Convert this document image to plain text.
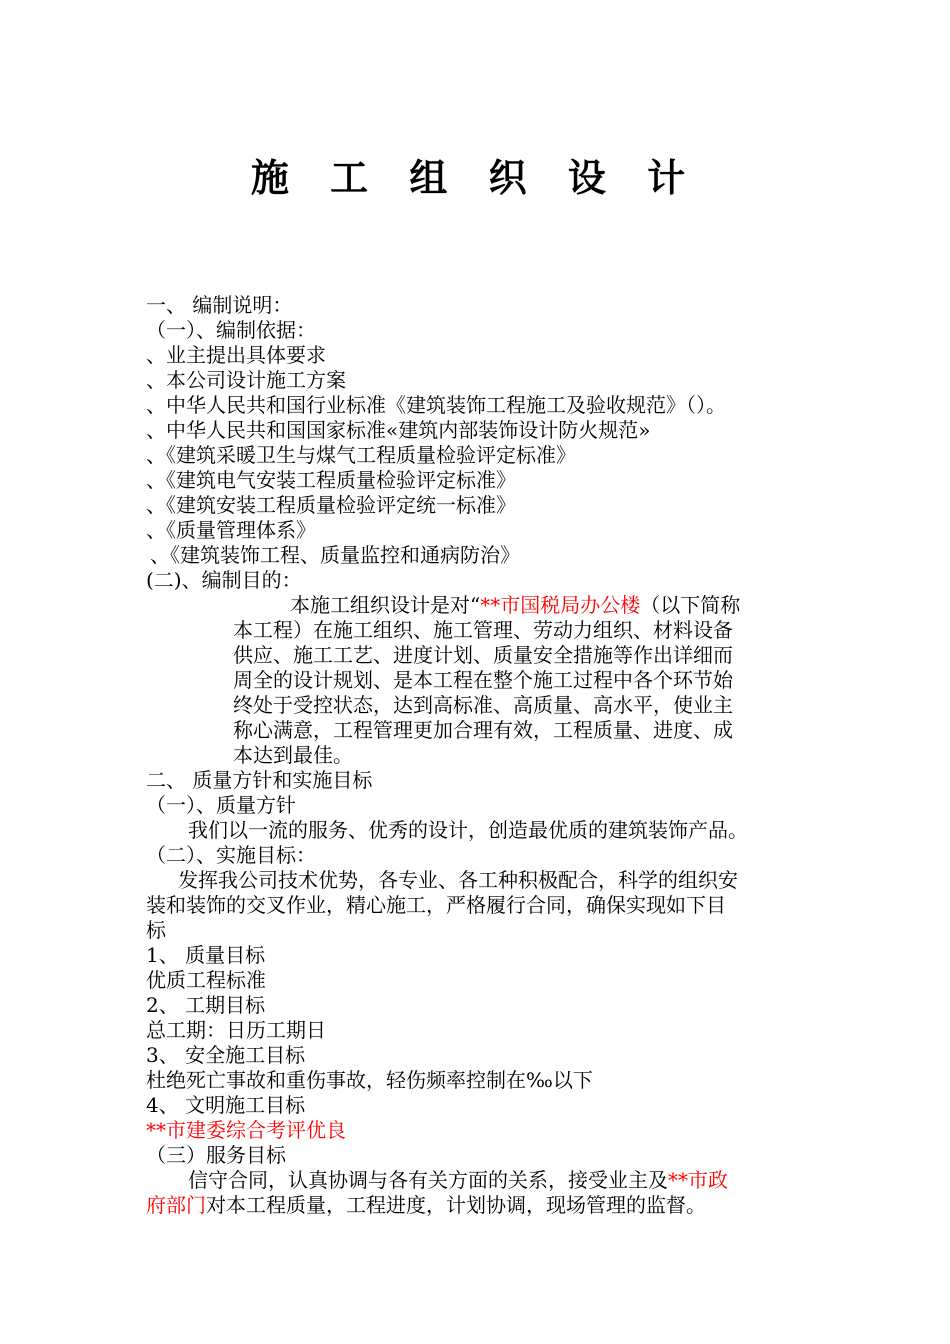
施 工 组 织 设 计
一、 编制说明：
（一）、编制依据：
、业主提出具体要求
、本公司设计施工方案
、中华人民共和国行业标准《建筑装饰工程施工及验收规范》（）。
、中华人民共和国国家标准«建筑内部装饰设计防火规范»
、《建筑采暖卫生与煤气工程质量检验评定标准》
、《建筑电气安装工程质量检验评定标准》
、《建筑安装工程质量检验评定统一标准》
、《质量管理体系》
、《建筑装饰工程、质量监控和通病防治》
(二)、编制目的：
本施工组织设计是对“**市国税局办公楼（以下简称
本工程）在施工组织、施工管理、劳动力组织、材料设备
供应、施工工艺、进度计划、质量安全措施等作出详细而
周全的设计规划、是本工程在整个施工过程中各个环节始
终处于受控状态，达到高标准、高质量、高水平，使业主
称心满意，工程管理更加合理有效，工程质量、进度、成
本达到最佳。
二、 质量方针和实施目标
（一）、质量方针
我们以一流的服务、优秀的设计，创造最优质的建筑装饰产品。
（二）、实施目标：
发挥我公司技术优势，各专业、各工种积极配合，科学的组织安
装和装饰的交叉作业，精心施工，严格履行合同，确保实现如下目
标
1、 质量目标
优质工程标准
2、 工期目标
总工期：日历工期日
3、 安全施工目标
杜绝死亡事故和重伤事故，轻伤频率控制在‰以下
4、 文明施工目标
**市建委综合考评优良
（三）服务目标
信守合同，认真协调与各有关方面的关系，接受业主及**市政
府部门对本工程质量，工程进度，计划协调，现场管理的监督。
